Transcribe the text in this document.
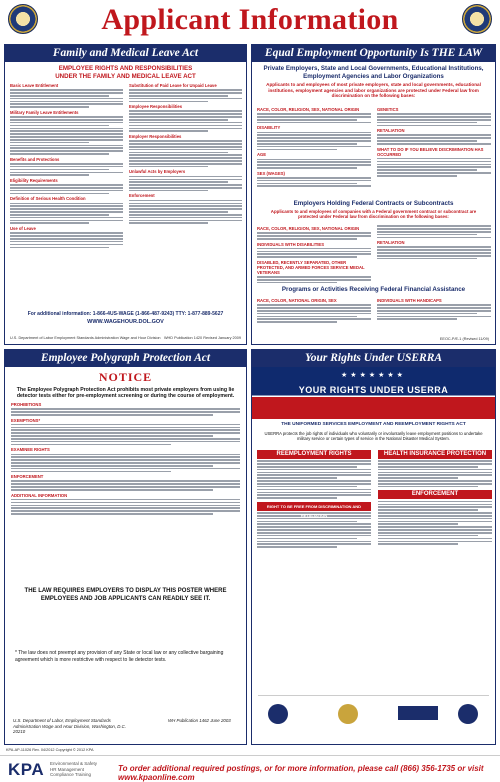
Applicant Information
Family and Medical Leave Act
EMPLOYEE RIGHTS AND RESPONSIBILITIES
UNDER THE FAMILY AND MEDICAL LEAVE ACT
Basic Leave Entitlement
Military Family Leave Entitlements
Benefits and Protections
Eligibility Requirements
Definition of Serious Health Condition
Use of Leave
Substitution of Paid Leave for Unpaid Leave
Employee Responsibilities
Employer Responsibilities
Unlawful Acts by Employers
Enforcement
For additional information: 1-866-4US-WAGE (1-866-487-9243) TTY: 1-877-889-5627
WWW.WAGEHOUR.DOL.GOV
U.S. Department of Labor Employment Standards Administration Wage and Hour Division WHD Publication 1420 Revised January 2009
Equal Employment Opportunity Is THE LAW
Private Employers, State and Local Governments, Educational Institutions,
Employment Agencies and Labor Organizations
Applicants to and employees of most private employers, state and local governments, educational institutions, employment agencies and labor organizations are protected under Federal law from discrimination on the following bases:
RACE, COLOR, RELIGION, SEX, NATIONAL ORIGIN
DISABILITY
AGE
SEX (WAGES)
GENETICS
RETALIATION
WHAT TO DO IF YOU BELIEVE DISCRIMINATION HAS OCCURRED
Employers Holding Federal Contracts or Subcontracts
Applicants to and employees of companies with a Federal government contract or subcontract are protected under Federal law from discrimination on the following bases:
RACE, COLOR, RELIGION, SEX, NATIONAL ORIGIN
INDIVIDUALS WITH DISABILITIES
DISABLED, RECENTLY SEPARATED, OTHER PROTECTED, AND ARMED FORCES SERVICE MEDAL VETERANS
RETALIATION
Programs or Activities Receiving Federal Financial Assistance
RACE, COLOR, NATIONAL ORIGIN, SEX	INDIVIDUALS WITH HANDICAPS
EEOC-P/E-1 (Revised 11/09)
Employee Polygraph Protection Act
NOTICE
The Employee Polygraph Protection Act prohibits most private employers from using lie detector tests either for pre-employment screening or during the course of employment.
PROHIBITIONS
EXEMPTIONS*
EXAMINEE RIGHTS
ENFORCEMENT
ADDITIONAL INFORMATION
THE LAW REQUIRES EMPLOYERS TO DISPLAY THIS POSTER WHERE EMPLOYEES AND JOB APPLICANTS CAN READILY SEE IT.
* The law does not preempt any provision of any State or local law or any collective bargaining agreement which is more restrictive with respect to lie detector tests.
U.S. Department of Labor, Employment Standards Administration Wage and Hour Division, Washington, D.C. 20210
WH Publication 1462 June 2003
Your Rights Under USERRA
★★★★★★★
YOUR RIGHTS UNDER USERRA
THE UNIFORMED SERVICES EMPLOYMENT AND REEMPLOYMENT RIGHTS ACT
USERRA protects the job rights of individuals who voluntarily or involuntarily leave employment positions to undertake military service or certain types of service in the National Disaster Medical System.
REEMPLOYMENT RIGHTS
RIGHT TO BE FREE FROM DISCRIMINATION AND RETALIATION
HEALTH INSURANCE PROTECTION
ENFORCEMENT
KPA-AP-11026 Rev. 04/2012 Copyright © 2012 KPA
KPA Environmental & Safety
HR Management
Compliance Training
To order additional required postings, or for more information, please call (866) 356-1735 or visit www.kpaonline.com
